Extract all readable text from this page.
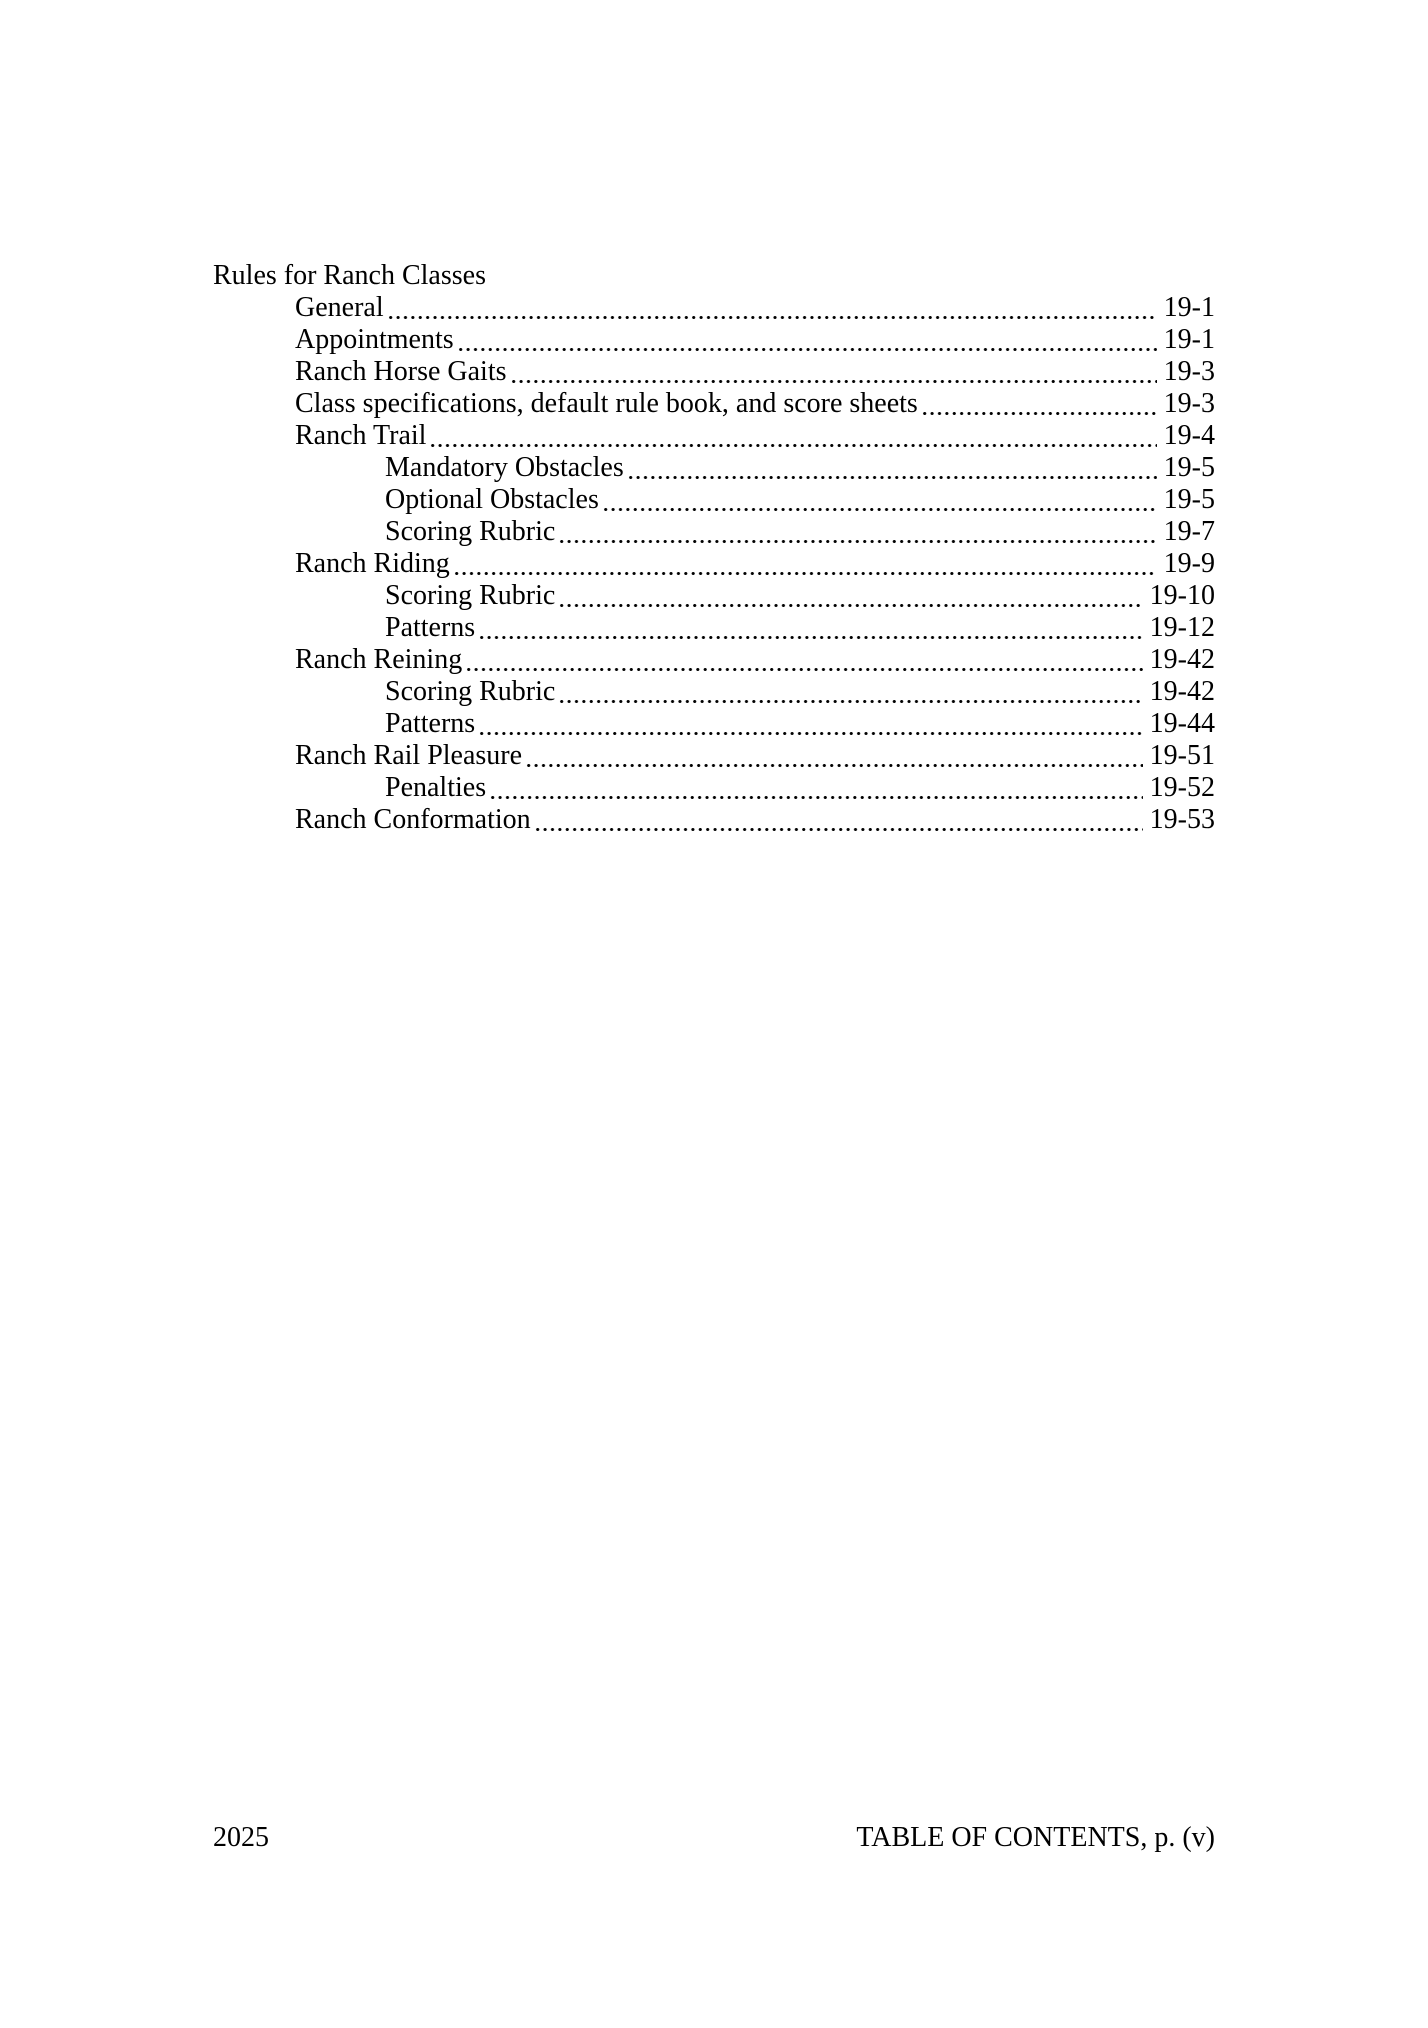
Rules for Ranch Classes
General	19-1
Appointments	19-1
Ranch Horse Gaits	19-3
Class specifications, default rule book, and score sheets	19-3
Ranch Trail	19-4
Mandatory Obstacles	19-5
Optional Obstacles	19-5
Scoring Rubric	19-7
Ranch Riding	19-9
Scoring Rubric	19-10
Patterns	19-12
Ranch Reining	19-42
Scoring Rubric	19-42
Patterns	19-44
Ranch Rail Pleasure	19-51
Penalties	19-52
Ranch Conformation	19-53
2025	TABLE OF CONTENTS, p. (v)
